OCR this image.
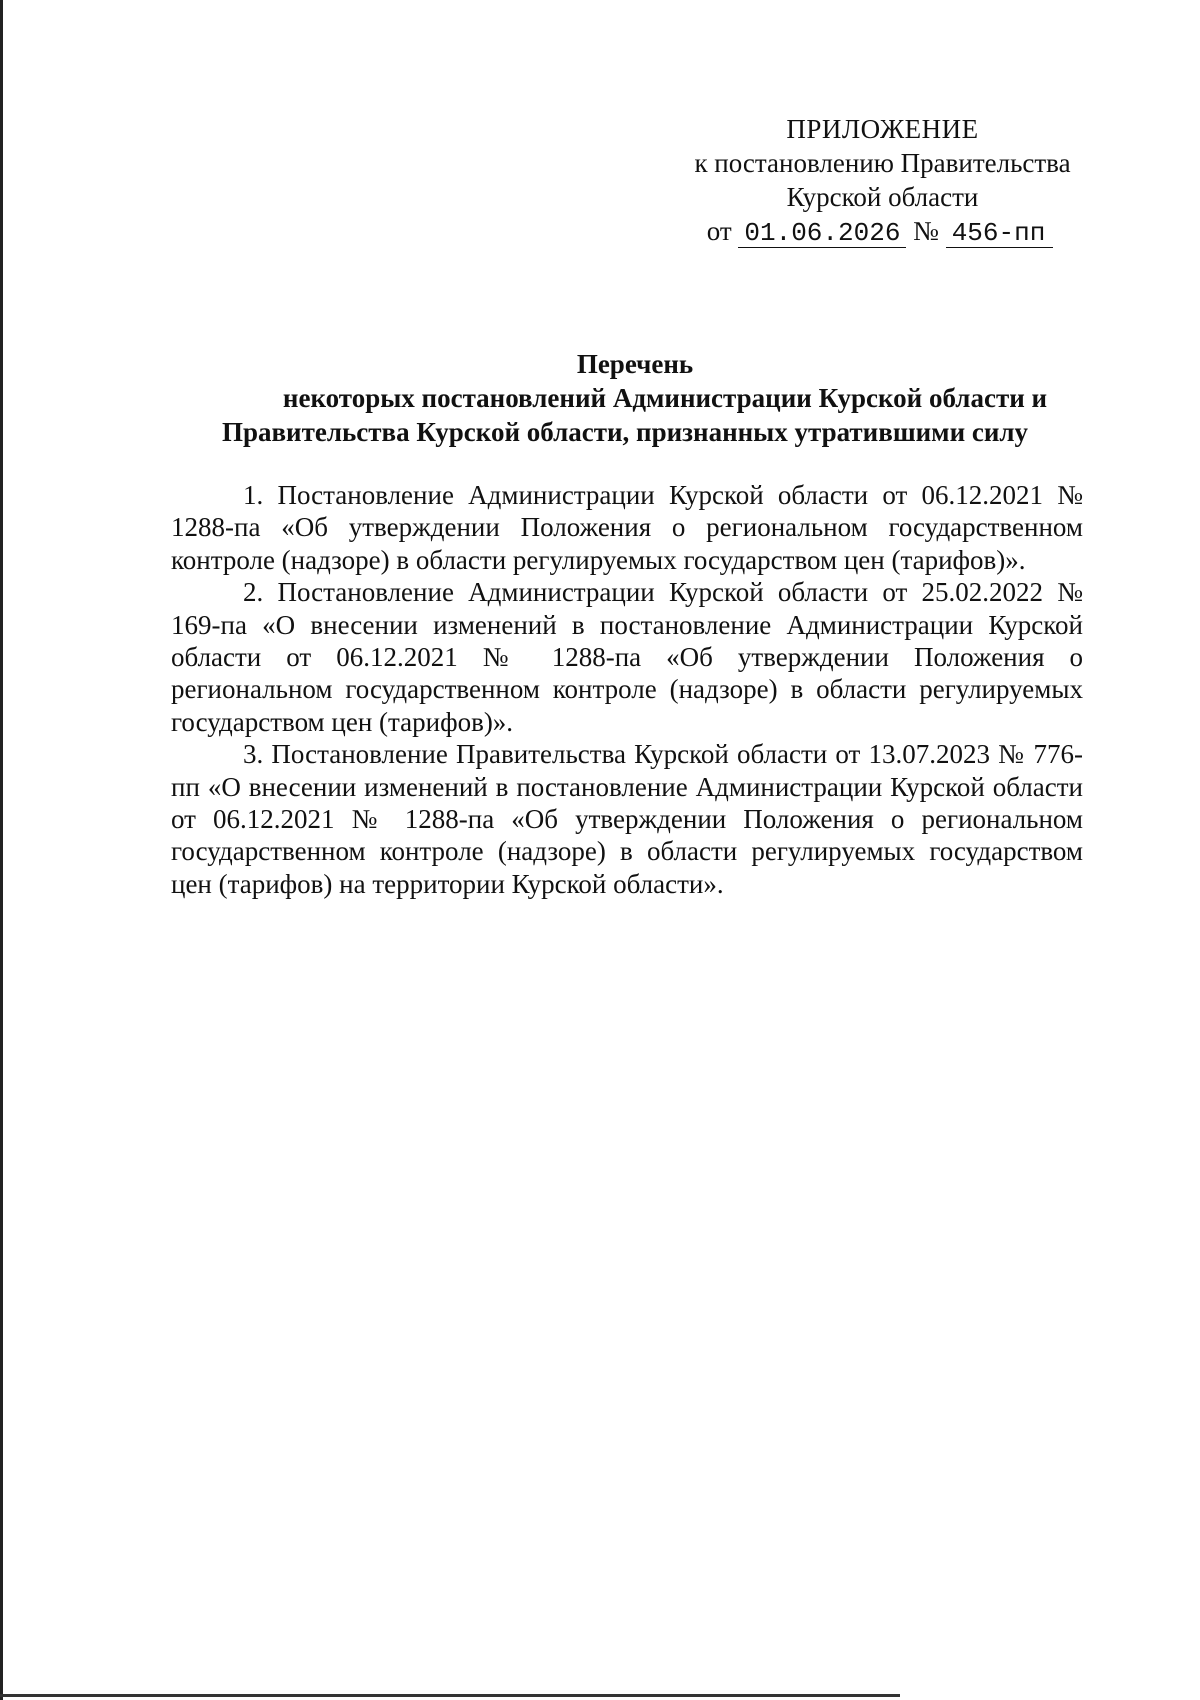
ПРИЛОЖЕНИЕ
к постановлению Правительства
Курской области
от 01.06.2026 № 456-пп
Перечень
некоторых постановлений Администрации Курской области и
Правительства Курской области, признанных утратившими силу

1. Постановление Администрации Курской области от 06.12.2021 № 1288-па «Об утверждении Положения о региональном государственном контроле (надзоре) в области регулируемых государством цен (тарифов)».

2. Постановление Администрации Курской области от 25.02.2022 № 169-па «О внесении изменений в постановление Администрации Курской области от 06.12.2021 № 1288-па «Об утверждении Положения о региональном государственном контроле (надзоре) в области регулируемых государством цен (тарифов)».

3. Постановление Правительства Курской области от 13.07.2023 № 776-пп «О внесении изменений в постановление Администрации Курской области от 06.12.2021 № 1288-па «Об утверждении Положения о региональном государственном контроле (надзоре) в области регулируемых государством цен (тарифов) на территории Курской области».
